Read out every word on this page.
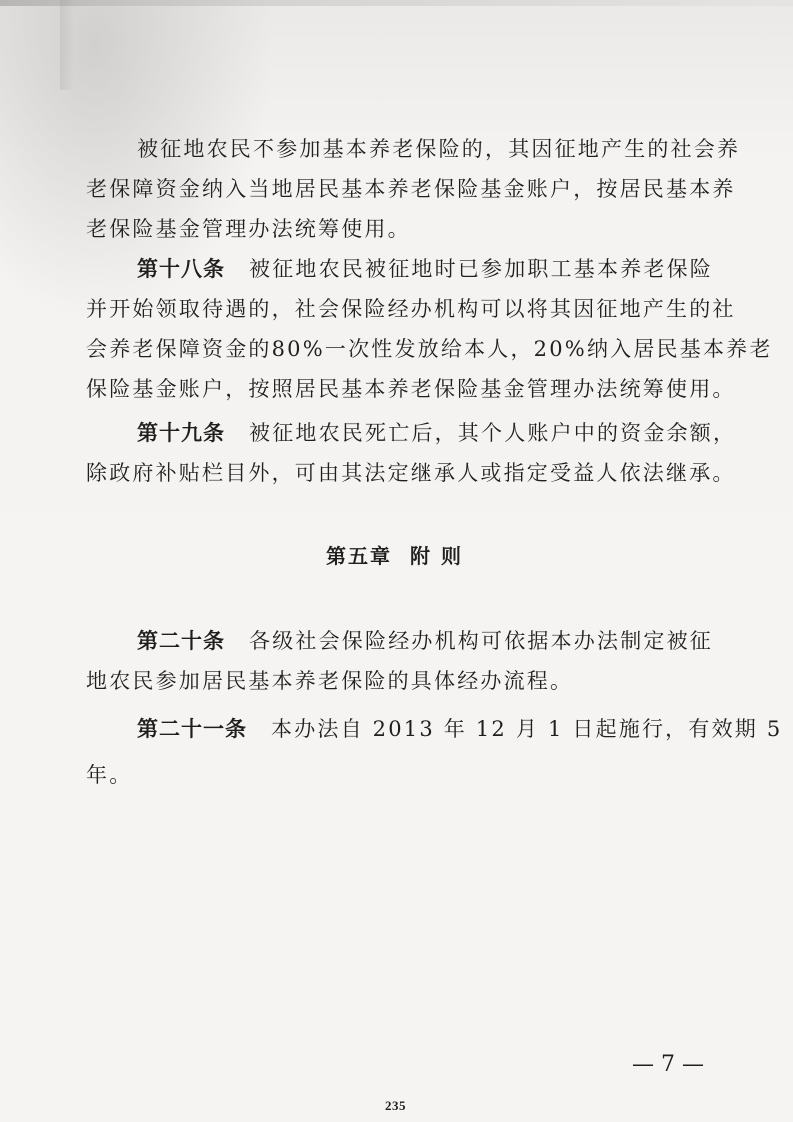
被征地农民不参加基本养老保险的，其因征地产生的社会养

老保障资金纳入当地居民基本养老保险基金账户，按居民基本养

老保险基金管理办法统筹使用。

第十八条 被征地农民被征地时已参加职工基本养老保险

并开始领取待遇的，社会保险经办机构可以将其因征地产生的社

会养老保障资金的80%一次性发放给本人，20%纳入居民基本养老

保险基金账户，按照居民基本养老保险基金管理办法统筹使用。

第十九条 被征地农民死亡后，其个人账户中的资金余额，

除政府补贴栏目外，可由其法定继承人或指定受益人依法继承。

第五章 附 则

第二十条 各级社会保险经办机构可依据本办法制定被征

地农民参加居民基本养老保险的具体经办流程。

第二十一条 本办法自 2013 年 12 月 1 日起施行，有效期 5

年。

— 7 —
235
